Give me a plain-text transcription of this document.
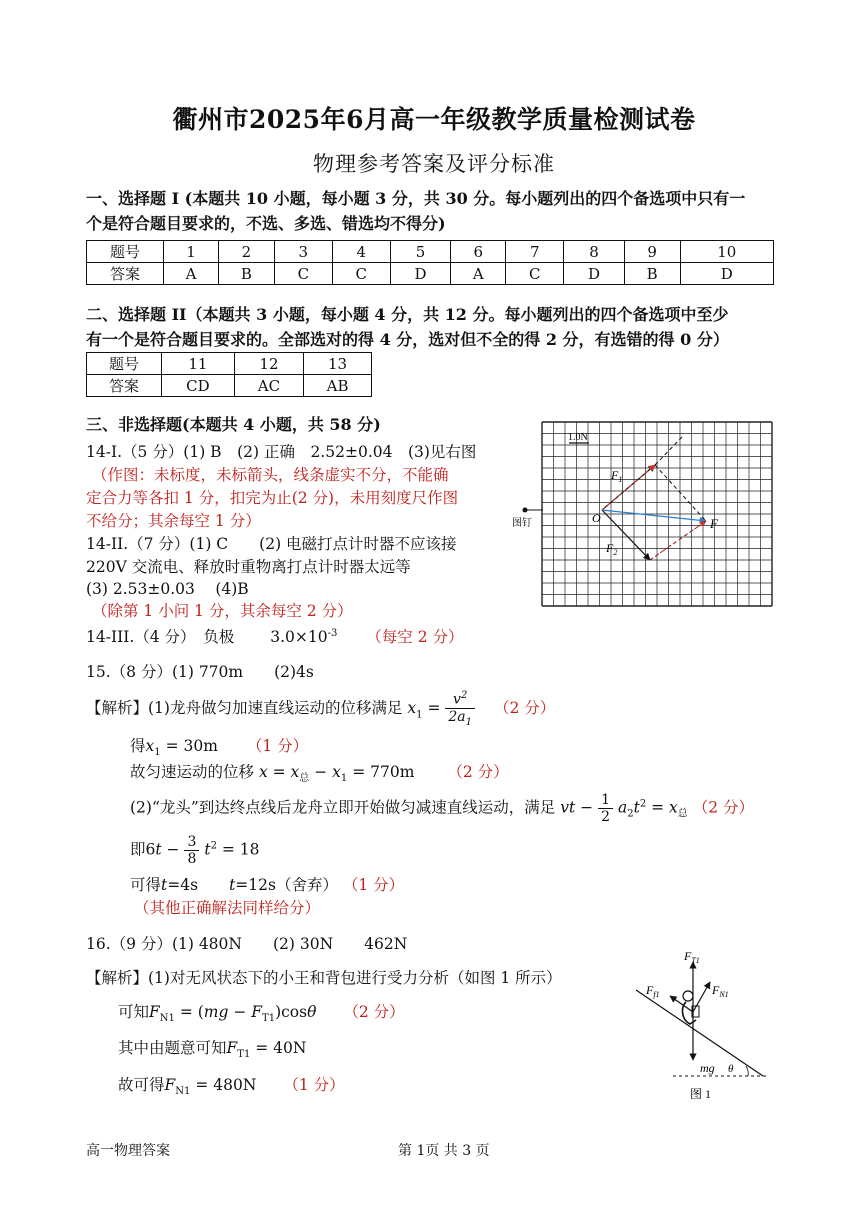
衢州市2025年6月高一年级教学质量检测试卷
物理参考答案及评分标准
一、选择题 I (本题共 10 小题，每小题 3 分，共 30 分。每小题列出的四个备选项中只有一
个是符合题目要求的，不选、多选、错选均不得分)
题号	1	2	3	4	5	6	7	8	9	10
答案	A	B	C	C	D	A	C	D	B	D
二、选择题 II（本题共 3 小题，每小题 4 分，共 12 分。每小题列出的四个备选项中至少
有一个是符合题目要求的。全部选对的得 4 分，选对但不全的得 2 分，有选错的得 0 分）
题号	11	12	13
答案	CD	AC	AB
三、非选择题(本题共 4 小题，共 58 分)
14-I.（5 分）(1) B　(2) 正确　2.52±0.04　(3)见右图
（作图：未标度，未标箭头，线条虚实不分，不能确
定合力等各扣 1 分，扣完为止(2 分)，未用刻度尺作图
不给分；其余每空 1 分）
14-II.（7 分）(1) C　　(2) 电磁打点计时器不应该接
220V 交流电、释放时重物离打点计时器太远等
(3) 2.53±0.03　 (4)B
（除第 1 小问 1 分，其余每空 2 分）
14-III.（4 分）　负极　　 $3.0\times 10^{-3}$ （每空 2 分）
1.0N
图钉	O
$F_1$
$F_2$
F
15.（8 分）(1) 770m　　(2)4s
【解析】(1)龙舟做匀加速直线运动的位移满足 $x_1 = \frac{v^2}{2a_1} (2$ 分）
得$x_1 = 30m$ （1 分）
故匀速运动的位移 $x = x_总 - x_1 = 770m$ （2 分）
(2)“龙头”到达终点线后龙舟立即开始做匀减速直线运动，满足 vt − $\frac{1}{2} a_2t^2 = x_总$ （2 分）
即$6t - \frac{3}{8} t^2 = 18$
可得t=4s　　t=12s（舍弃） （1 分）
（其他正确解法同样给分）
16.（9 分）(1) 480N　　(2) 30N　　462N
【解析】(1)对无风状态下的小王和背包进行受力分析（如图 1 所示）
可知$F_{N1} = (mg - F_{T1})\cos\theta$ （2 分）
其中由题意可知$F_{T1} = 40N$
故可得$F_{N1} = 480N$ （1 分）
$F_{T1}$
$F_{N1}$
$F_{f1}$
mg θ
图 1
高一物理答案	第 1页 共 3 页
